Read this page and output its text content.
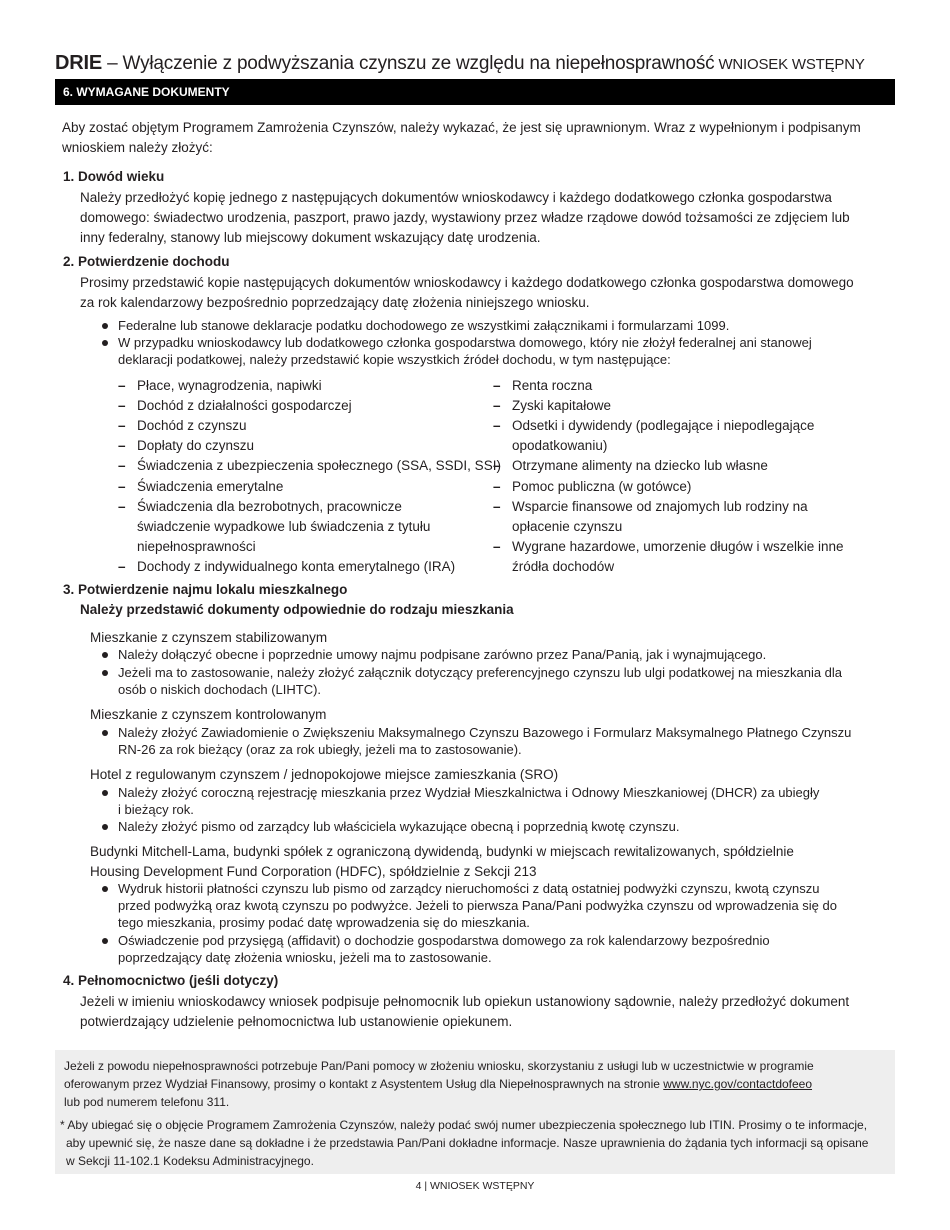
DRIE – Wyłączenie z podwyższania czynszu ze względu na niepełnosprawność WNIOSEK WSTĘPNY
6. WYMAGANE DOKUMENTY
Aby zostać objętym Programem Zamrożenia Czynszów, należy wykazać, że jest się uprawnionym. Wraz z wypełnionym i podpisanym
wnioskiem należy złożyć:
1. Dowód wieku
Należy przedłożyć kopię jednego z następujących dokumentów wnioskodawcy i każdego dodatkowego członka gospodarstwa
domowego: świadectwo urodzenia, paszport, prawo jazdy, wystawiony przez władze rządowe dowód tożsamości ze zdjęciem lub
inny federalny, stanowy lub miejscowy dokument wskazujący datę urodzenia.
2. Potwierdzenie dochodu
Prosimy przedstawić kopie następujących dokumentów wnioskodawcy i każdego dodatkowego członka gospodarstwa domowego
za rok kalendarzowy bezpośrednio poprzedzający datę złożenia niniejszego wniosku.
Federalne lub stanowe deklaracje podatku dochodowego ze wszystkimi załącznikami i formularzami 1099.
W przypadku wnioskodawcy lub dodatkowego członka gospodarstwa domowego, który nie złożył federalnej ani stanowej
deklaracji podatkowej, należy przedstawić kopie wszystkich źródeł dochodu, w tym następujące:
– Płace, wynagrodzenia, napiwki
– Dochód z działalności gospodarczej
– Dochód z czynszu
– Dopłaty do czynszu
– Świadczenia z ubezpieczenia społecznego (SSA, SSDI, SSI)
– Świadczenia emerytalne
– Świadczenia dla bezrobotnych, pracownicze
świadczenie wypadkowe lub świadczenia z tytułu
niepełnosprawności
– Dochody z indywidualnego konta emerytalnego (IRA)
– Renta roczna
– Zyski kapitałowe
– Odsetki i dywidendy (podlegające i niepodlegające
opodatkowaniu)
– Otrzymane alimenty na dziecko lub własne
– Pomoc publiczna (w gotówce)
– Wsparcie finansowe od znajomych lub rodziny na
opłacenie czynszu
– Wygrane hazardowe, umorzenie długów i wszelkie inne
źródła dochodów
3. Potwierdzenie najmu lokalu mieszkalnego
Należy przedstawić dokumenty odpowiednie do rodzaju mieszkania
Mieszkanie z czynszem stabilizowanym
Należy dołączyć obecne i poprzednie umowy najmu podpisane zarówno przez Pana/Panią, jak i wynajmującego.
Jeżeli ma to zastosowanie, należy złożyć załącznik dotyczący preferencyjnego czynszu lub ulgi podatkowej na mieszkania dla
osób o niskich dochodach (LIHTC).
Mieszkanie z czynszem kontrolowanym
Należy złożyć Zawiadomienie o Zwiększeniu Maksymalnego Czynszu Bazowego i Formularz Maksymalnego Płatnego Czynszu
RN-26 za rok bieżący (oraz za rok ubiegły, jeżeli ma to zastosowanie).
Hotel z regulowanym czynszem / jednopokojowe miejsce zamieszkania (SRO)
Należy złożyć coroczną rejestrację mieszkania przez Wydział Mieszkalnictwa i Odnowy Mieszkaniowej (DHCR) za ubiegły
i bieżący rok.
Należy złożyć pismo od zarządcy lub właściciela wykazujące obecną i poprzednią kwotę czynszu.
Budynki Mitchell-Lama, budynki spółek z ograniczoną dywidendą, budynki w miejscach rewitalizowanych, spółdzielnie
Housing Development Fund Corporation (HDFC), spółdzielnie z Sekcji 213
Wydruk historii płatności czynszu lub pismo od zarządcy nieruchomości z datą ostatniej podwyżki czynszu, kwotą czynszu
przed podwyżką oraz kwotą czynszu po podwyżce. Jeżeli to pierwsza Pana/Pani podwyżka czynszu od wprowadzenia się do
tego mieszkania, prosimy podać datę wprowadzenia się do mieszkania.
Oświadczenie pod przysięgą (affidavit) o dochodzie gospodarstwa domowego za rok kalendarzowy bezpośrednio
poprzedzający datę złożenia wniosku, jeżeli ma to zastosowanie.
4. Pełnomocnictwo (jeśli dotyczy)
Jeżeli w imieniu wnioskodawcy wniosek podpisuje pełnomocnik lub opiekun ustanowiony sądownie, należy przedłożyć dokument
potwierdzający udzielenie pełnomocnictwa lub ustanowienie opiekunem.
Jeżeli z powodu niepełnosprawności potrzebuje Pan/Pani pomocy w złożeniu wniosku, skorzystaniu z usługi lub w uczestnictwie w programie
oferowanym przez Wydział Finansowy, prosimy o kontakt z Asystentem Usług dla Niepełnosprawnych na stronie www.nyc.gov/contactdofeeo
lub pod numerem telefonu 311.
* Aby ubiegać się o objęcie Programem Zamrożenia Czynszów, należy podać swój numer ubezpieczenia społecznego lub ITIN. Prosimy o te informacje,
aby upewnić się, że nasze dane są dokładne i że przedstawia Pan/Pani dokładne informacje. Nasze uprawnienia do żądania tych informacji są opisane
w Sekcji 11-102.1 Kodeksu Administracyjnego.
4 | WNIOSEK WSTĘPNY
